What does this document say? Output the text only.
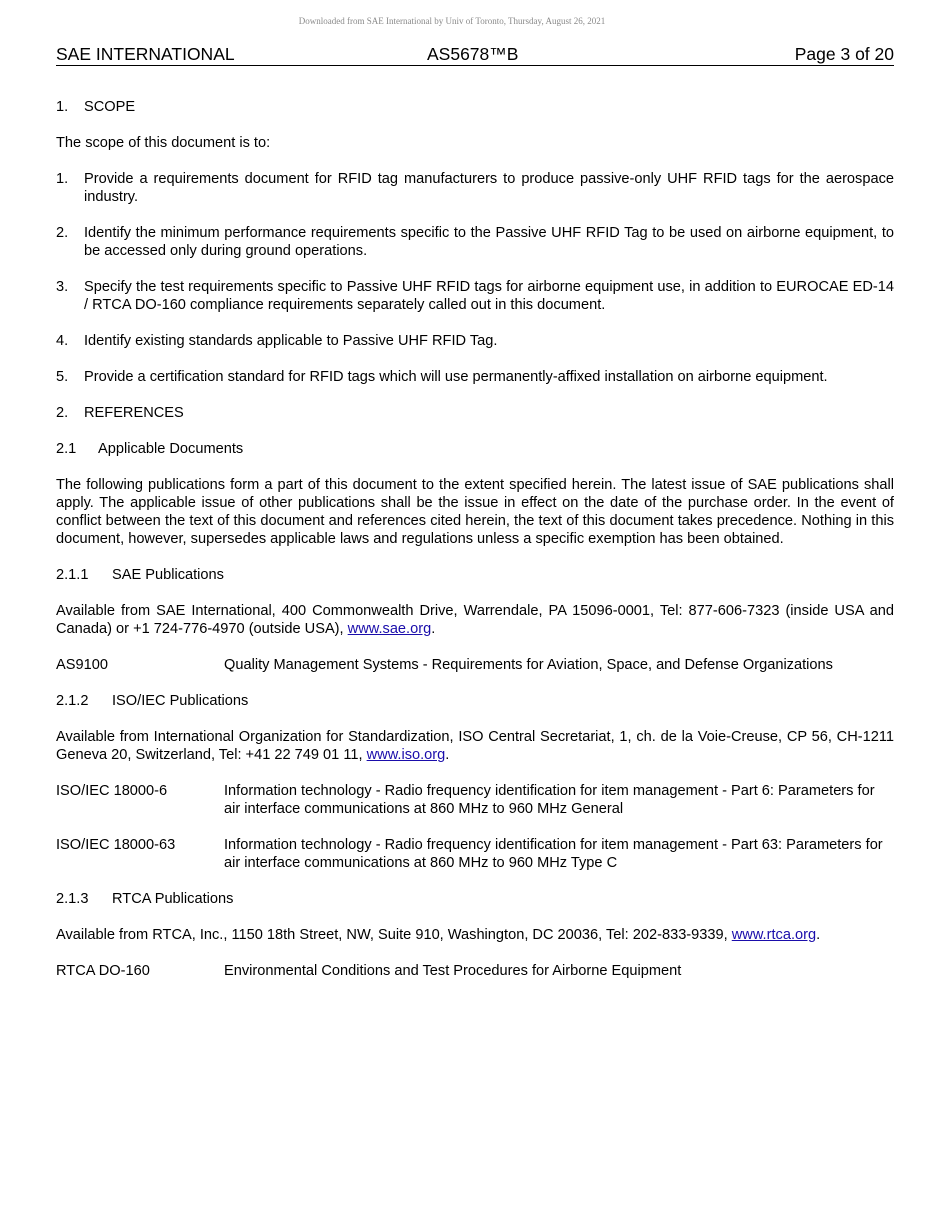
Downloaded from SAE International by Univ of Toronto, Thursday, August 26, 2021
SAE INTERNATIONAL	AS5678™B	Page 3 of 20
1.	SCOPE

The scope of this document is to:

1.	Provide a requirements document for RFID tag manufacturers to produce passive-only UHF RFID tags for the aerospace industry.
2.	Identify the minimum performance requirements specific to the Passive UHF RFID Tag to be used on airborne equipment, to be accessed only during ground operations.
3.	Specify the test requirements specific to Passive UHF RFID tags for airborne equipment use, in addition to EUROCAE ED-14 / RTCA DO-160 compliance requirements separately called out in this document.
4.	Identify existing standards applicable to Passive UHF RFID Tag.
5.	Provide a certification standard for RFID tags which will use permanently-affixed installation on airborne equipment.
2.	REFERENCES
2.1	Applicable Documents

The following publications form a part of this document to the extent specified herein. The latest issue of SAE publications shall apply. The applicable issue of other publications shall be the issue in effect on the date of the purchase order. In the event of conflict between the text of this document and references cited herein, the text of this document takes precedence. Nothing in this document, however, supersedes applicable laws and regulations unless a specific exemption has been obtained.

2.1.1	SAE Publications

Available from SAE International, 400 Commonwealth Drive, Warrendale, PA 15096-0001, Tel: 877-606-7323 (inside USA and Canada) or +1 724-776-4970 (outside USA), www.sae.org.

AS9100	Quality Management Systems - Requirements for Aviation, Space, and Defense Organizations
2.1.2	ISO/IEC Publications

Available from International Organization for Standardization, ISO Central Secretariat, 1, ch. de la Voie-Creuse, CP 56, CH-1211 Geneva 20, Switzerland, Tel: +41 22 749 01 11, www.iso.org.

ISO/IEC 18000-6	Information technology - Radio frequency identification for item management - Part 6: Parameters for air interface communications at 860 MHz to 960 MHz General
ISO/IEC 18000-63	Information technology - Radio frequency identification for item management - Part 63: Parameters for air interface communications at 860 MHz to 960 MHz Type C
2.1.3	RTCA Publications

Available from RTCA, Inc., 1150 18th Street, NW, Suite 910, Washington, DC 20036, Tel: 202-833-9339, www.rtca.org.

RTCA DO-160	Environmental Conditions and Test Procedures for Airborne Equipment
